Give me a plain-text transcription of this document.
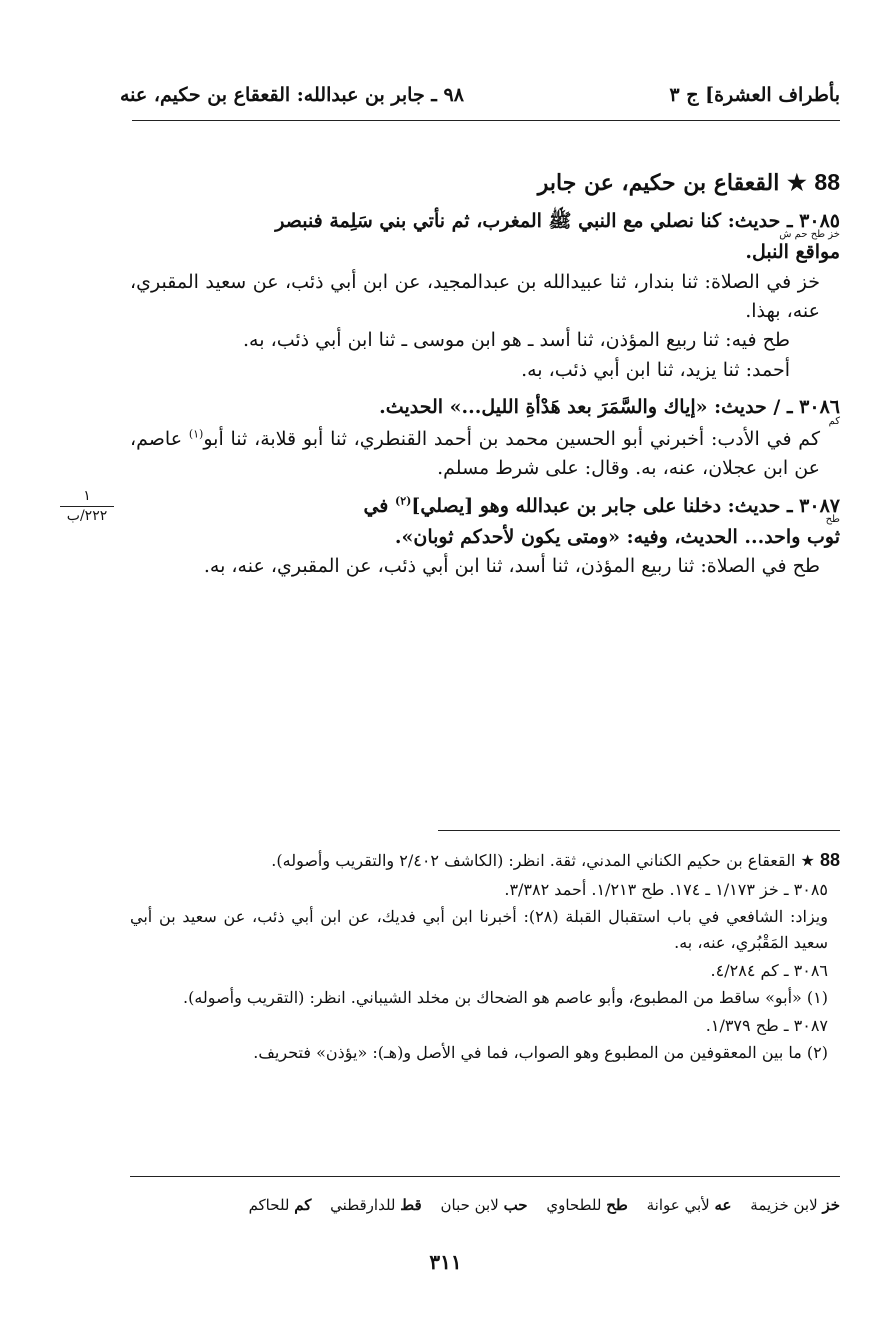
بأطراف العشرة] ج ٣
٩٨ ـ جابر بن عبدالله: القعقاع بن حكيم، عنه

88 ★ القعقاع بن حكيم، عن جابر

٣٠٨٥ ـ حديث: كنا نصلي مع النبي ﷺ المغرب، ثم نأتي بني سَلِمة فنبصر

خز طح حم ش

مواقع النبل.

خز في الصلاة: ثنا بندار، ثنا عبيدالله بن عبدالمجيد، عن ابن أبي ذئب، عن سعيد المقبري، عنه، بهذا.

طح فيه: ثنا ربيع المؤذن، ثنا أسد ـ هو ابن موسى ـ ثنا ابن أبي ذئب، به.

أحمد: ثنا يزيد، ثنا ابن أبي ذئب، به.

٣٠٨٦ ـ / حديث: «إياك والسَّمَرَ بعد هَدْأةِ الليل...» الحديث.

كم

كم في الأدب: أخبرني أبو الحسين محمد بن أحمد القنطري، ثنا أبو قلابة، ثنا أبو$^{(١)}$ عاصم، عن ابن عجلان، عنه، به. وقال: على شرط مسلم.

٣٠٨٧ ـ حديث: دخلنا على جابر بن عبدالله وهو [يصلي]$^{(٢)}$ في

طح

ثوب واحد... الحديث، وفيه: «ومتى يكون لأحدكم ثوبان».

طح في الصلاة: ثنا ربيع المؤذن، ثنا أسد، ثنا ابن أبي ذئب، عن المقبري، عنه، به.

١
٢٢٢/ب

88 ★ القعقاع بن حكيم الكناني المدني، ثقة. انظر: (الكاشف ٢/٤٠٢ والتقريب وأصوله).

٣٠٨٥ ـ خز ١/١٧٣ ـ ١٧٤. طح ١/٢١٣. أحمد ٣/٣٨٢.

ويزاد: الشافعي في باب استقبال القبلة (٢٨): أخبرنا ابن أبي فديك، عن ابن أبي ذئب، عن سعيد بن أبي سعيد المَقْبُري، عنه، به.

٣٠٨٦ ـ كم ٤/٢٨٤.

(١) «أبو» ساقط من المطبوع، وأبو عاصم هو الضحاك بن مخلد الشيباني. انظر: (التقريب وأصوله).

٣٠٨٧ ـ طح ١/٣٧٩.

(٢) ما بين المعقوفين من المطبوع وهو الصواب، فما في الأصل و(هـ): «يؤذن» فتحريف.

خز لابن خزيمة عه لأبي عوانة طح للطحاوي حب لابن حبان قط للدارقطني كم للحاكم
٣١١
